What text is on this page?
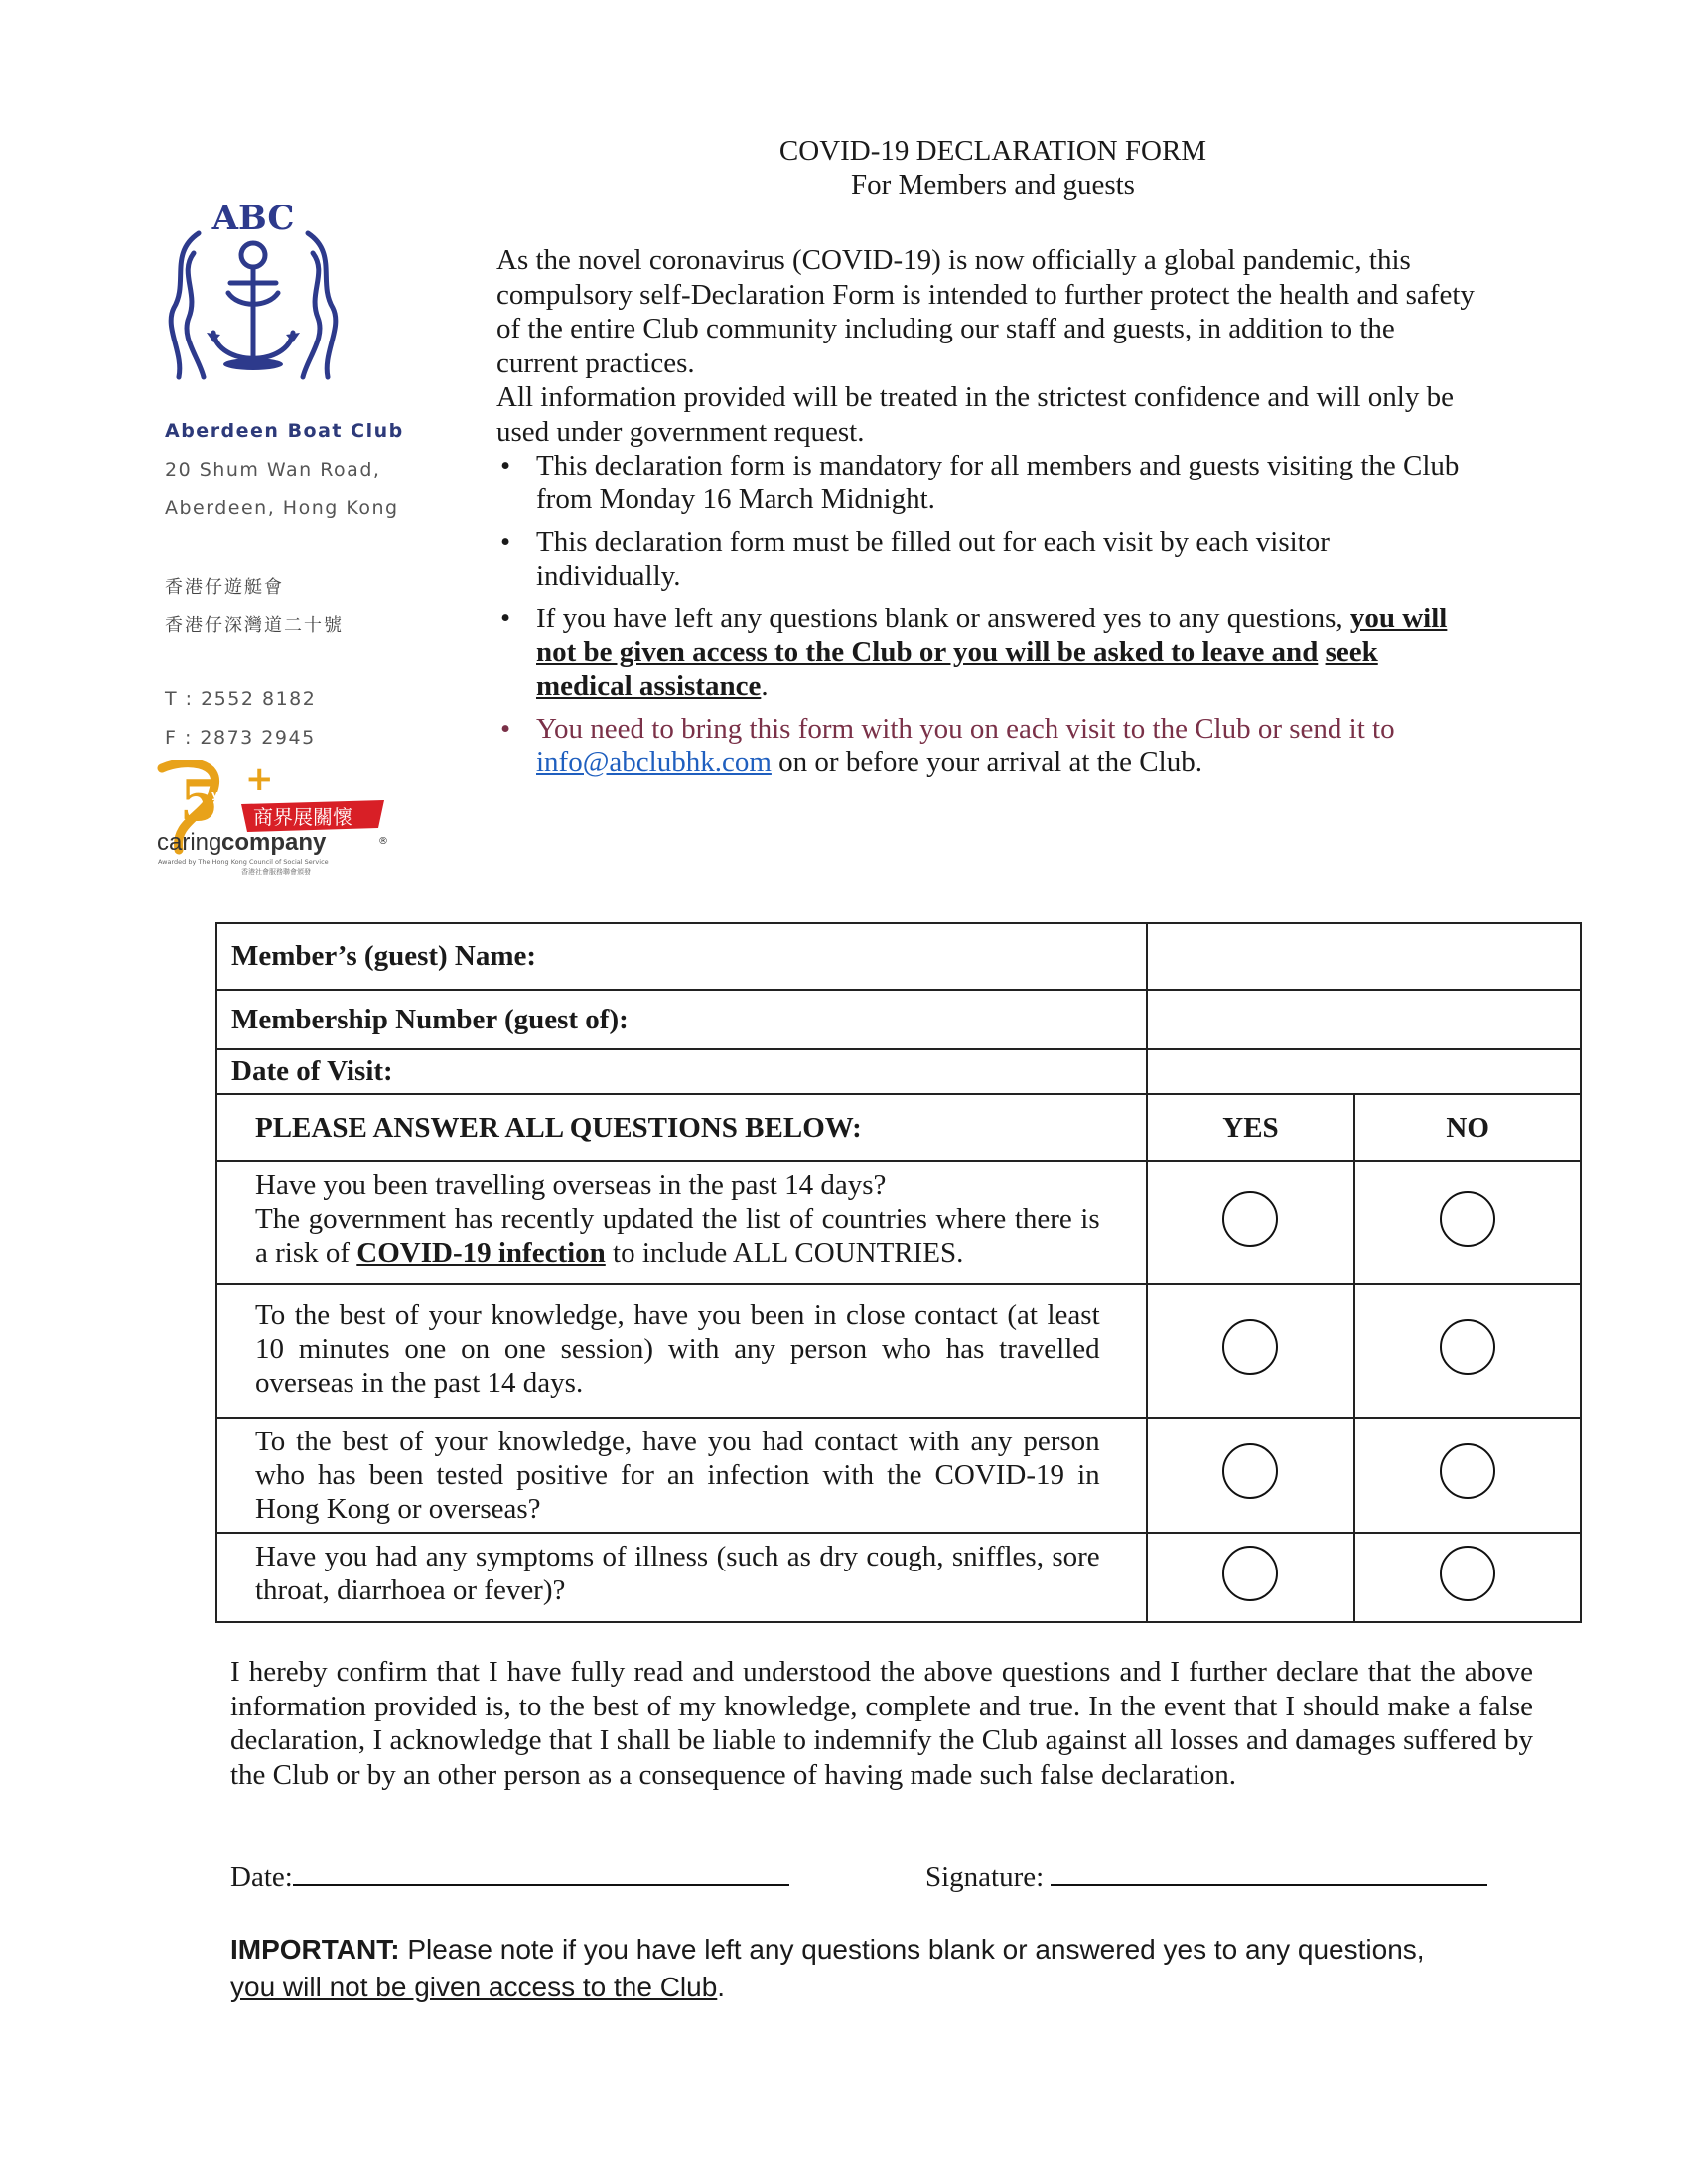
COVID-19 DECLARATION FORM
For Members and guests
ABC
Aberdeen Boat Club
20 Shum Wan Road,
Aberdeen, Hong Kong
香港仔遊艇會
香港仔深灣道二十號
T : 2552 8182
F : 2873 2945
5
years +
商界展關懷
caring company	®
Awarded by The Hong Kong Council of Social Service
香港社會服務聯會頒發

As the novel coronavirus (COVID-19) is now officially a global pandemic, this compulsory self-Declaration Form is intended to further protect the health and safety of the entire Club community including our staff and guests, in addition to the current practices.

All information provided will be treated in the strictest confidence and will only be used under government request.

• This declaration form is mandatory for all members and guests visiting the Club from Monday 16 March Midnight.
• This declaration form must be filled out for each visit by each visitor individually.
• If you have left any questions blank or answered yes to any questions, you will not be given access to the Club or you will be asked to leave and seek medical assistance.
• You need to bring this form with you on each visit to the Club or send it to info@abclubhk.com on or before your arrival at the Club.
Member’s (guest) Name:		
Membership Number (guest of):		
Date of Visit:		
PLEASE ANSWER ALL QUESTIONS BELOW:	YES	NO

Have you been travelling overseas in the past 14 days?
The government has recently updated the list of countries where there is a risk of COVID-19 infection to include ALL COUNTRIES.		
To the best of your knowledge, have you been in close contact (at least 10 minutes one on one session) with any person who has travelled overseas in the past 14 days.		
To the best of your knowledge, have you had contact with any person who has been tested positive for an infection with the COVID-19 in Hong Kong or overseas?		
Have you had any symptoms of illness (such as dry cough, sniffles, sore throat, diarrhoea or fever)?		
I hereby confirm that I have fully read and understood the above questions and I further declare that the above information provided is, to the best of my knowledge, complete and true. In the event that I should make a false declaration, I acknowledge that I shall be liable to indemnify the Club against all losses and damages suffered by the Club or by an other person as a consequence of having made such false declaration.
Date:	Signature:
IMPORTANT: Please note if you have left any questions blank or answered yes to any questions,
you will not be given access to the Club.
